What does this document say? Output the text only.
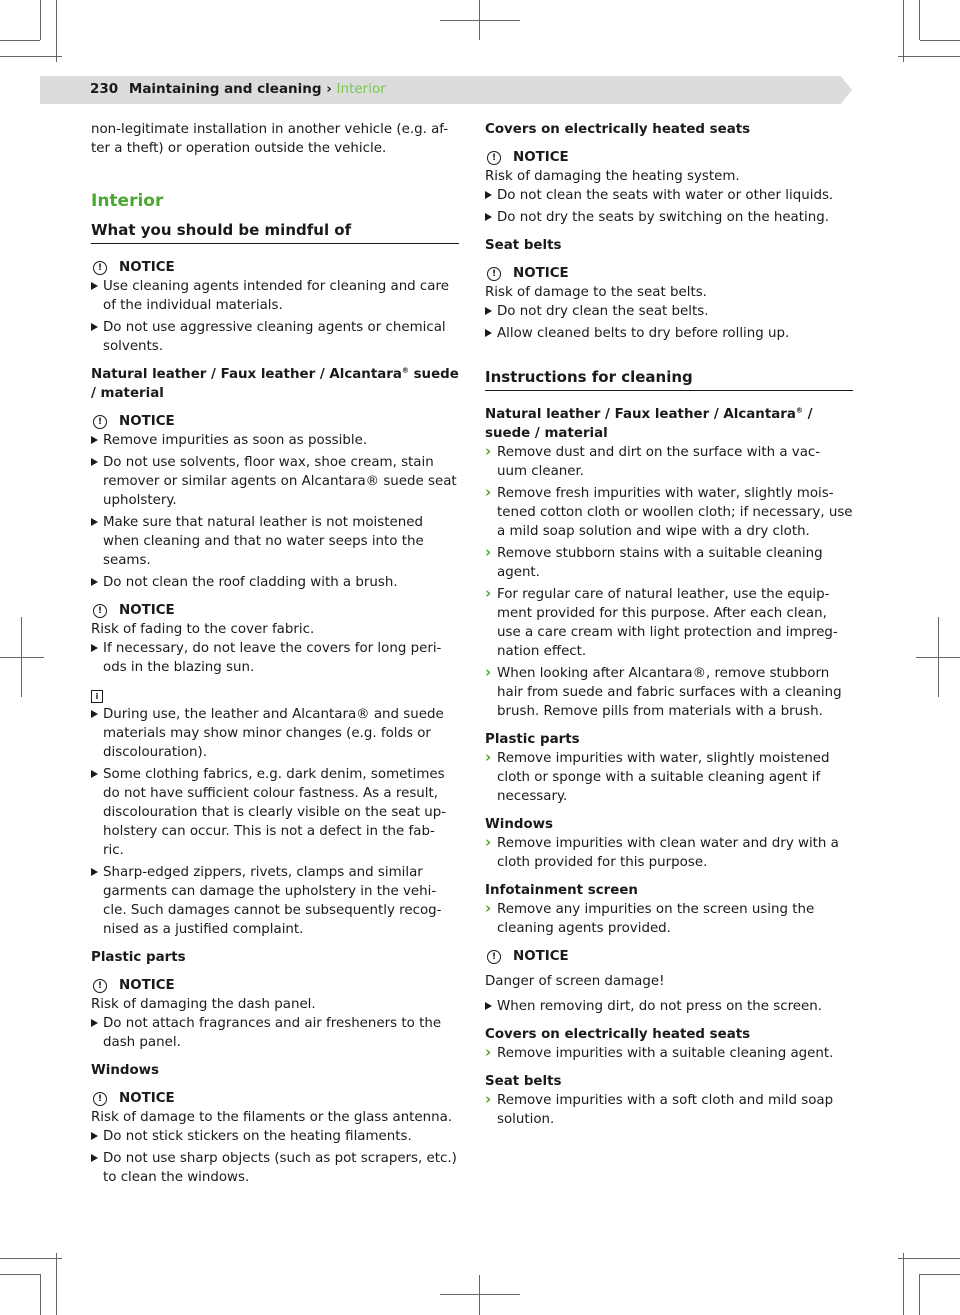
230 Maintaining and cleaning › Interior

non-legitimate installation in another vehicle (e.g. af- ter a theft) or operation outside the vehicle.

Interior
What you should be mindful of
!	NOTICE
Use cleaning agents intended for cleaning and care of the individual materials.
Do not use aggressive cleaning agents or chemical solvents.
Natural leather / Faux leather / Alcantara® suede / material
!	NOTICE
Remove impurities as soon as possible.
Do not use solvents, floor wax, shoe cream, stain remover or similar agents on Alcantara® suede seat upholstery.
Make sure that natural leather is not moistened when cleaning and that no water seeps into the seams.
Do not clean the roof cladding with a brush.
!	NOTICE

Risk of fading to the cover fabric.

If necessary, do not leave the covers for long peri- ods in the blazing sun.
i
During use, the leather and Alcantara® and suede materials may show minor changes (e.g. folds or discolouration).
Some clothing fabrics, e.g. dark denim, sometimes do not have sufficient colour fastness. As a result, discolouration that is clearly visible on the seat up- holstery can occur. This is not a defect in the fab- ric.
Sharp-edged zippers, rivets, clamps and similar garments can damage the upholstery in the vehi- cle. Such damages cannot be subsequently recog- nised as a justified complaint.
Plastic parts
!	NOTICE

Risk of damaging the dash panel.

Do not attach fragrances and air fresheners to the dash panel.
Windows
!	NOTICE

Risk of damage to the filaments or the glass antenna.

Do not stick stickers on the heating filaments.
Do not use sharp objects (such as pot scrapers, etc.) to clean the windows.
Covers on electrically heated seats
!	NOTICE

Risk of damaging the heating system.

Do not clean the seats with water or other liquids.
Do not dry the seats by switching on the heating.
Seat belts
!	NOTICE

Risk of damage to the seat belts.

Do not dry clean the seat belts.
Allow cleaned belts to dry before rolling up.
Instructions for cleaning
Natural leather / Faux leather / Alcantara® / suede / material
› Remove dust and dirt on the surface with a vac- uum cleaner.
› Remove fresh impurities with water, slightly mois- tened cotton cloth or woollen cloth; if necessary, use a mild soap solution and wipe with a dry cloth.
› Remove stubborn stains with a suitable cleaning agent.
› For regular care of natural leather, use the equip- ment provided for this purpose. After each clean, use a care cream with light protection and impreg- nation effect.
› When looking after Alcantara®, remove stubborn hair from suede and fabric surfaces with a cleaning brush. Remove pills from materials with a brush.
Plastic parts
› Remove impurities with water, slightly moistened cloth or sponge with a suitable cleaning agent if necessary.
Windows
› Remove impurities with clean water and dry with a cloth provided for this purpose.
Infotainment screen
› Remove any impurities on the screen using the cleaning agents provided.
!	NOTICE

Danger of screen damage!

When removing dirt, do not press on the screen.
Covers on electrically heated seats
› Remove impurities with a suitable cleaning agent.
Seat belts
› Remove impurities with a soft cloth and mild soap solution.
